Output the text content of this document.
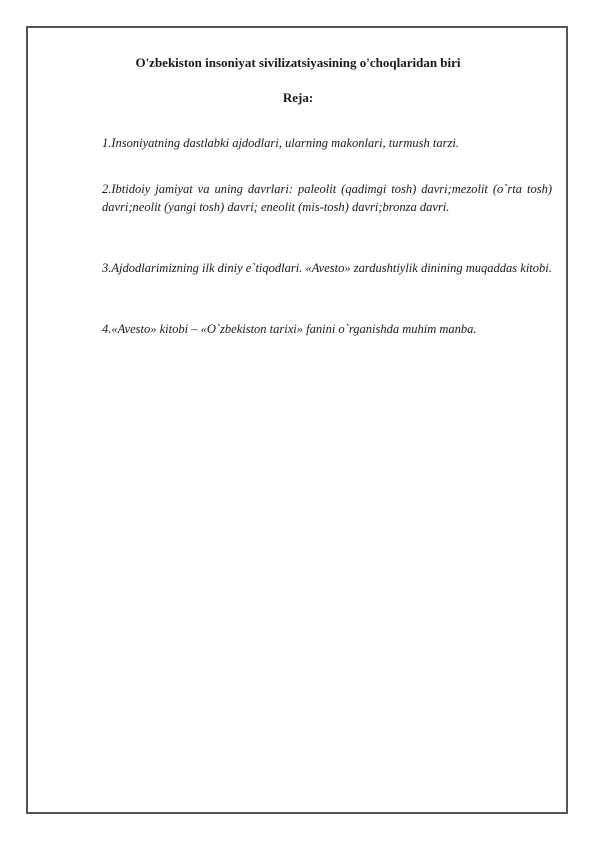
O'zbekiston insoniyat sivilizatsiyasining o'choqlaridan biri
Reja:
1.Insoniyatning dastlabki ajdodlari, ularning makonlari, turmush tarzi.
2.Ibtidoiy jamiyat va uning davrlari: paleolit (qadimgi tosh) davri;mezolit (o`rta tosh) davri;neolit (yangi tosh) davri; eneolit (mis-tosh) davri;bronza davri.
3.Ajdodlarimizning ilk diniy e`tiqodlari. «Avesto» zardushtiylik dinining muqaddas kitobi.
4.«Avesto» kitobi – «O`zbekiston tarixi» fanini o`rganishda muhim manba.
